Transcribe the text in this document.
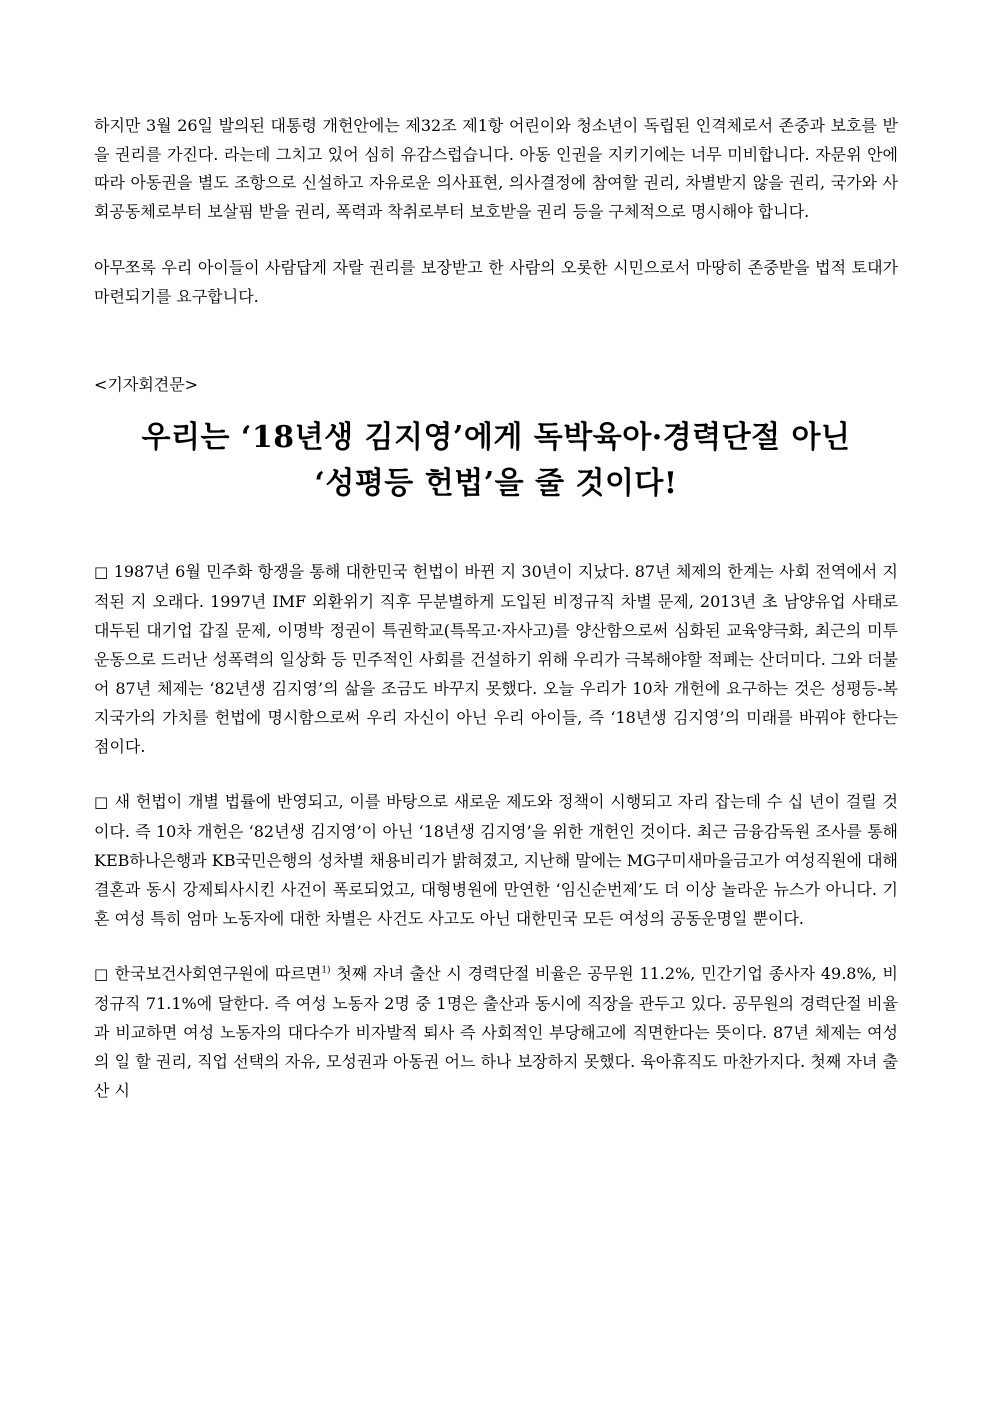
하지만 3월 26일 발의된 대통령 개헌안에는 제32조 제1항 어린이와 청소년이 독립된 인격체로서 존중과 보호를 받을 권리를 가진다. 라는데 그치고 있어 심히 유감스럽습니다. 아동 인권을 지키기에는 너무 미비합니다. 자문위 안에 따라 아동권을 별도 조항으로 신설하고 자유로운 의사표현, 의사결정에 참여할 권리, 차별받지 않을 권리, 국가와 사회공동체로부터 보살핌 받을 권리, 폭력과 착취로부터 보호받을 권리 등을 구체적으로 명시해야 합니다.

아무쪼록 우리 아이들이 사람답게 자랄 권리를 보장받고 한 사람의 오롯한 시민으로서 마땅히 존중받을 법적 토대가 마련되기를 요구합니다.

<기자회견문>

우리는 ‘18년생 김지영’에게 독박육아·경력단절 아닌
‘성평등 헌법’을 줄 것이다!

□ 1987년 6월 민주화 항쟁을 통해 대한민국 헌법이 바뀐 지 30년이 지났다. 87년 체제의 한계는 사회 전역에서 지적된 지 오래다. 1997년 IMF 외환위기 직후 무분별하게 도입된 비정규직 차별 문제, 2013년 초 남양유업 사태로 대두된 대기업 갑질 문제, 이명박 정권이 특권학교(특목고·자사고)를 양산함으로써 심화된 교육양극화, 최근의 미투운동으로 드러난 성폭력의 일상화 등 민주적인 사회를 건설하기 위해 우리가 극복해야할 적폐는 산더미다. 그와 더불어 87년 체제는 ‘82년생 김지영’의 삶을 조금도 바꾸지 못했다. 오늘 우리가 10차 개헌에 요구하는 것은 성평등-복지국가의 가치를 헌법에 명시함으로써 우리 자신이 아닌 우리 아이들, 즉 ‘18년생 김지영’의 미래를 바꿔야 한다는 점이다.

□ 새 헌법이 개별 법률에 반영되고, 이를 바탕으로 새로운 제도와 정책이 시행되고 자리 잡는데 수 십 년이 걸릴 것이다. 즉 10차 개헌은 ‘82년생 김지영’이 아닌 ‘18년생 김지영’을 위한 개헌인 것이다. 최근 금융감독원 조사를 통해 KEB하나은행과 KB국민은행의 성차별 채용비리가 밝혀졌고, 지난해 말에는 MG구미새마을금고가 여성직원에 대해 결혼과 동시 강제퇴사시킨 사건이 폭로되었고, 대형병원에 만연한 ‘임신순번제’도 더 이상 놀라운 뉴스가 아니다. 기혼 여성 특히 엄마 노동자에 대한 차별은 사건도 사고도 아닌 대한민국 모든 여성의 공동운명일 뿐이다.

□ 한국보건사회연구원에 따르면$^{1)}$ 첫째 자녀 출산 시 경력단절 비율은 공무원 11.2%, 민간기업 종사자 49.8%, 비정규직 71.1%에 달한다. 즉 여성 노동자 2명 중 1명은 출산과 동시에 직장을 관두고 있다. 공무원의 경력단절 비율과 비교하면 여성 노동자의 대다수가 비자발적 퇴사 즉 사회적인 부당해고에 직면한다는 뜻이다. 87년 체제는 여성의 일 할 권리, 직업 선택의 자유, 모성권과 아동권 어느 하나 보장하지 못했다. 육아휴직도 마찬가지다. 첫째 자녀 출산 시
